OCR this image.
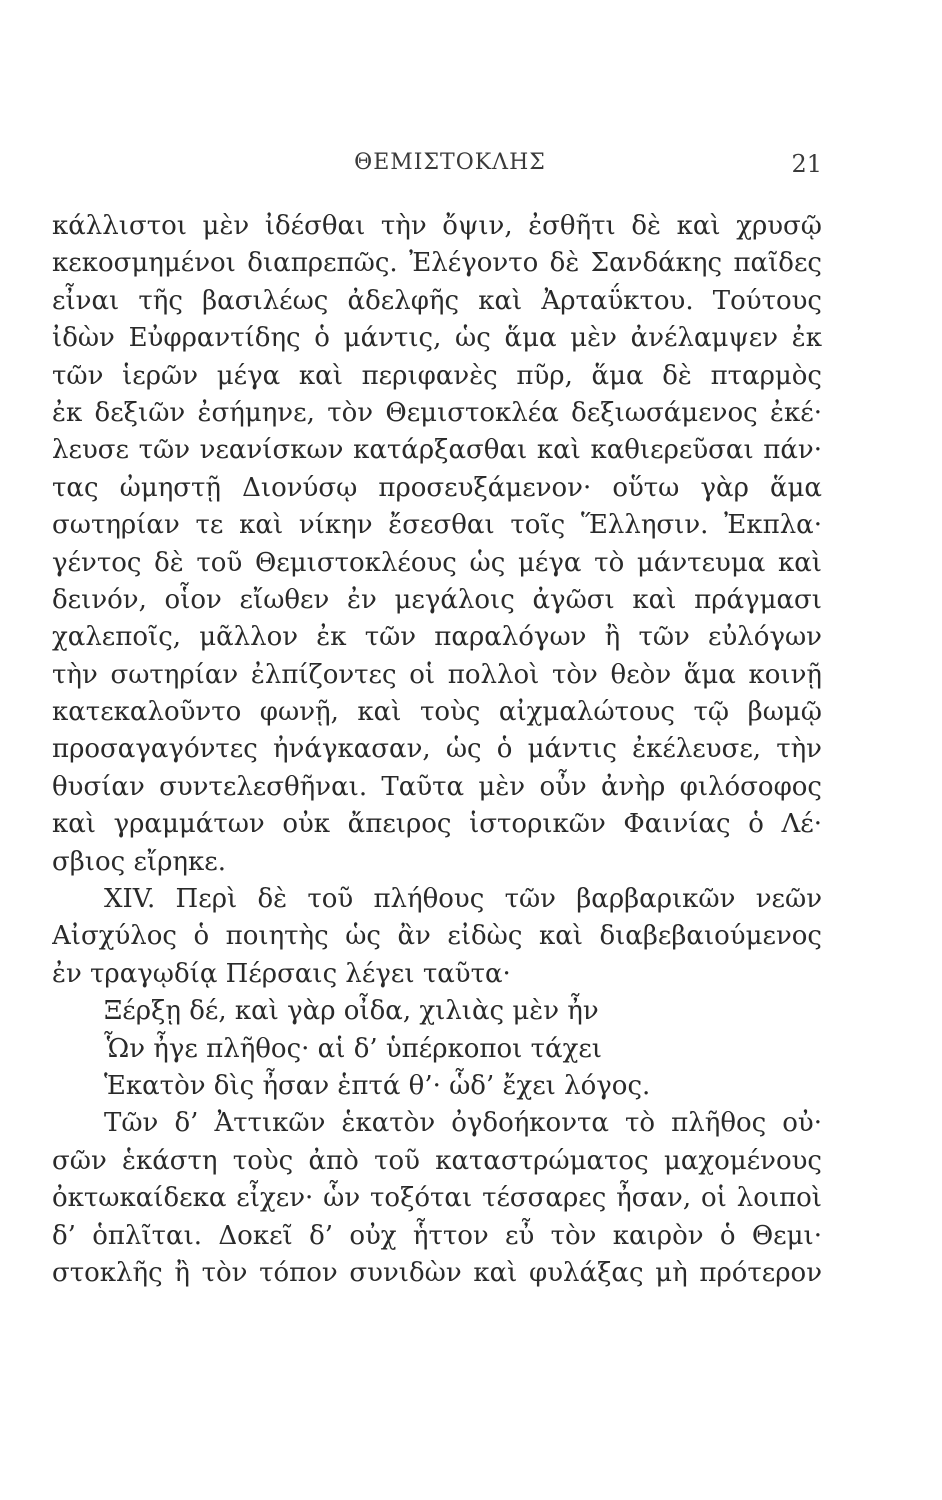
ΘΕΜΙΣΤΟΚΛΗΣ	21
κάλλιστοι μὲν ἰδέσθαι τὴν ὄψιν, ἐσθῆτι δὲ καὶ χρυσῷ
κεκοσμημένοι διαπρεπῶς. Ἐλέγοντο δὲ Σανδάκης παῖδες
εἶναι τῆς βασιλέως ἀδελφῆς καὶ Ἀρταΰκτου. Τούτους
ἰδὼν Εὐφραντίδης ὁ μάντις, ὡς ἅμα μὲν ἀνέλαμψεν ἐκ
τῶν ἱερῶν μέγα καὶ περιφανὲς πῦρ, ἅμα δὲ πταρμὸς
ἐκ δεξιῶν ἐσήμηνε, τὸν Θεμιστοκλέα δεξιωσάμενος ἐκέ·
λευσε τῶν νεανίσκων κατάρξασθαι καὶ καθιερεῦσαι πάν·
τας ὠμηστῇ Διονύσῳ προσευξάμενον· οὕτω γὰρ ἅμα
σωτηρίαν τε καὶ νίκην ἔσεσθαι τοῖς Ἕλλησιν. Ἐκπλα·
γέντος δὲ τοῦ Θεμιστοκλέους ὡς μέγα τὸ μάντευμα καὶ
δεινόν, οἷον εἴωθεν ἐν μεγάλοις ἀγῶσι καὶ πράγμασι
χαλεποῖς, μᾶλλον ἐκ τῶν παραλόγων ἢ τῶν εὐλόγων
τὴν σωτηρίαν ἐλπίζοντες οἱ πολλοὶ τὸν θεὸν ἅμα κοινῇ
κατεκαλοῦντο φωνῇ, καὶ τοὺς αἰχμαλώτους τῷ βωμῷ
προσαγαγόντες ἠνάγκασαν, ὡς ὁ μάντις ἐκέλευσε, τὴν
θυσίαν συντελεσθῆναι. Ταῦτα μὲν οὖν ἀνὴρ φιλόσοφος
καὶ γραμμάτων οὐκ ἄπειρος ἱστορικῶν Φαινίας ὁ Λέ·
σβιος εἴρηκε.
XIV. Περὶ δὲ τοῦ πλήθους τῶν βαρβαρικῶν νεῶν
Αἰσχύλος ὁ ποιητὴς ὡς ἂν εἰδὼς καὶ διαβεβαιούμενος
ἐν τραγῳδίᾳ Πέρσαις λέγει ταῦτα·
Ξέρξῃ δέ, καὶ γὰρ οἶδα, χιλιὰς μὲν ἦν
Ὧν ἦγε πλῆθος· αἱ δ’ ὑπέρκοποι τάχει
Ἑκατὸν δὶς ἦσαν ἑπτά θ’· ὧδ’ ἔχει λόγος.
Τῶν δ’ Ἀττικῶν ἑκατὸν ὀγδοήκοντα τὸ πλῆθος οὐ·
σῶν ἑκάστη τοὺς ἀπὸ τοῦ καταστρώματος μαχομένους
ὀκτωκαίδεκα εἶχεν· ὧν τοξόται τέσσαρες ἦσαν, οἱ λοιποὶ
δ’ ὁπλῖται. Δοκεῖ δ’ οὐχ ἧττον εὖ τὸν καιρὸν ὁ Θεμι·
στοκλῆς ἢ τὸν τόπον συνιδὼν καὶ φυλάξας μὴ πρότερον
